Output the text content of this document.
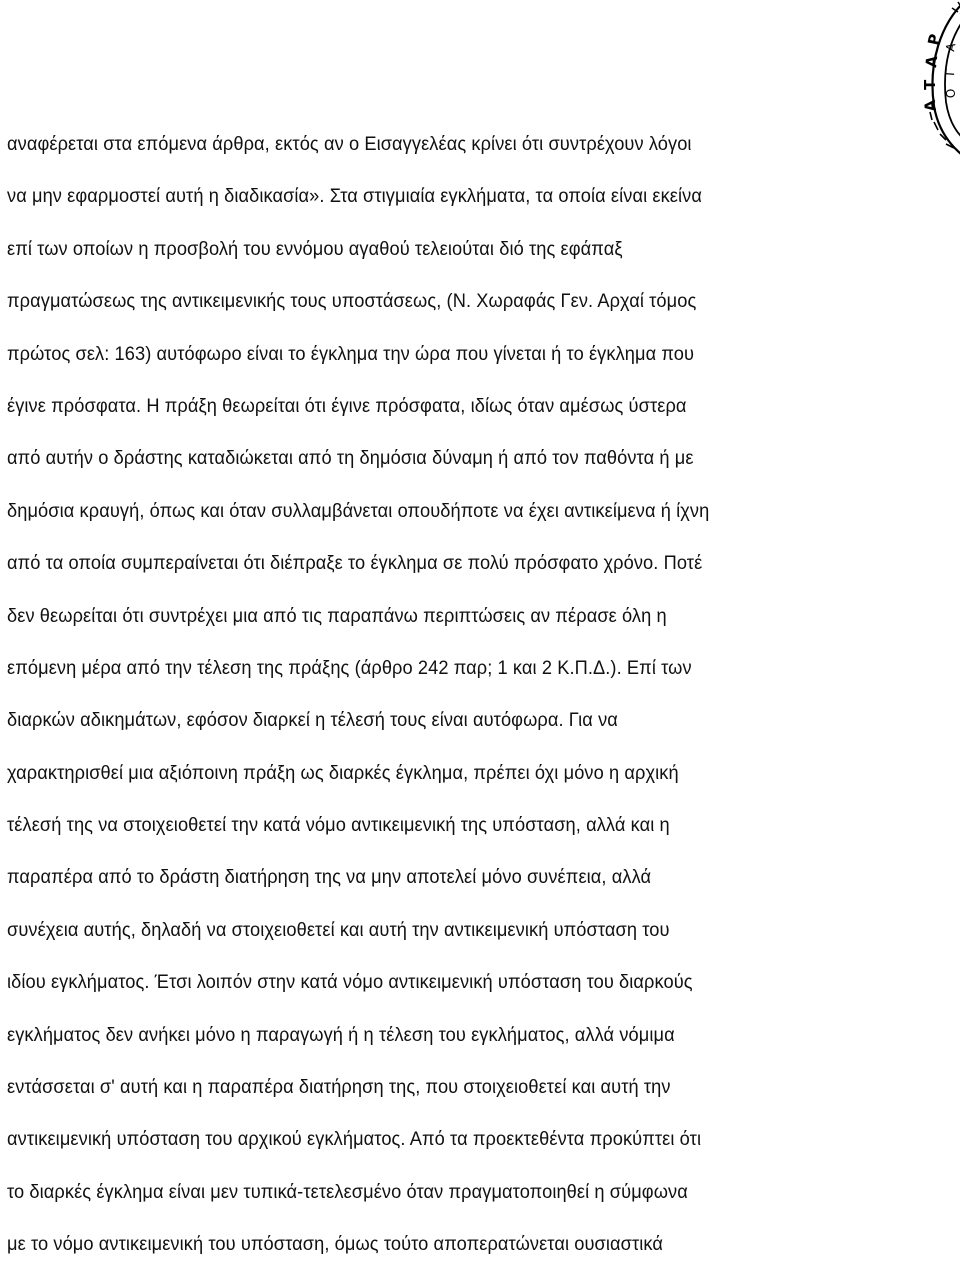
Ρ
Α
Τ
Α
Α
Γ
Ο
αναφέρεται στα επόμενα άρθρα, εκτός αν ο Εισαγγελέας κρίνει ότι συντρέχουν λόγοι
να μην εφαρμοστεί αυτή η διαδικασία». Στα στιγμιαία εγκλήματα, τα οποία είναι εκείνα
επί των οποίων η προσβολή του εννόμου αγαθού τελειούται διό της εφάπαξ
πραγματώσεως της αντικειμενικής τους υποστάσεως, (Ν. Χωραφάς Γεν. Αρχαί τόμος
πρώτος σελ: 163) αυτόφωρο είναι το έγκλημα την ώρα που γίνεται ή το έγκλημα που
έγινε πρόσφατα. Η πράξη θεωρείται ότι έγινε πρόσφατα, ιδίως όταν αμέσως ύστερα
από αυτήν ο δράστης καταδιώκεται από τη δημόσια δύναμη ή από τον παθόντα ή με
δημόσια κραυγή, όπως και όταν συλλαμβάνεται οπουδήποτε να έχει αντικείμενα ή ίχνη
από τα οποία συμπεραίνεται ότι διέπραξε το έγκλημα σε πολύ πρόσφατο χρόνο. Ποτέ
δεν θεωρείται ότι συντρέχει μια από τις παραπάνω περιπτώσεις αν πέρασε όλη η
επόμενη μέρα από την τέλεση της πράξης (άρθρο 242 παρ; 1 και 2 Κ.Π.Δ.). Επί των
διαρκών αδικημάτων, εφόσον διαρκεί η τέλεσή τους είναι αυτόφωρα. Για να
χαρακτηρισθεί μια αξιόποινη πράξη ως διαρκές έγκλημα, πρέπει όχι μόνο η αρχική
τέλεσή της να στοιχειοθετεί την κατά νόμο αντικειμενική της υπόσταση, αλλά και η
παραπέρα από το δράστη διατήρηση της να μην αποτελεί μόνο συνέπεια, αλλά
συνέχεια αυτής, δηλαδή να στοιχειοθετεί και αυτή την αντικειμενική υπόσταση του
ιδίου εγκλήματος. Έτσι λοιπόν στην κατά νόμο αντικειμενική υπόσταση του διαρκούς
εγκλήματος δεν ανήκει μόνο η παραγωγή ή η τέλεση του εγκλήματος, αλλά νόμιμα
εντάσσεται σ' αυτή και η παραπέρα διατήρηση της, που στοιχειοθετεί και αυτή την
αντικειμενική υπόσταση του αρχικού εγκλήματος. Από τα προεκτεθέντα προκύπτει ότι
το διαρκές έγκλημα είναι μεν τυπικά-τετελεσμένο όταν πραγματοποιηθεί η σύμφωνα
με το νόμο αντικειμενική του υπόσταση, όμως τούτο αποπερατώνεται ουσιαστικά
